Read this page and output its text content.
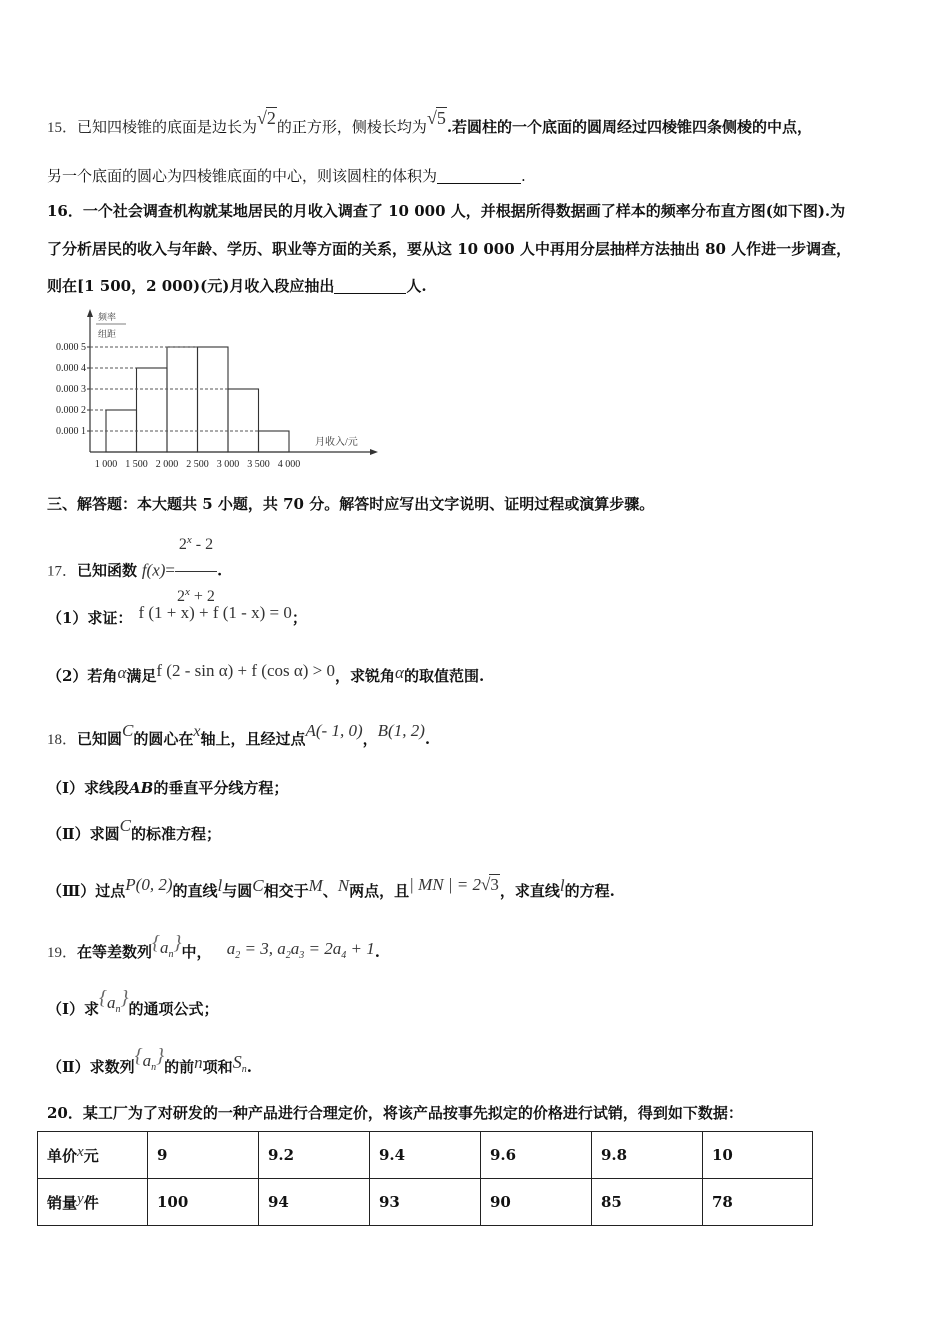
15．已知四棱锥的底面是边长为√2的正方形，侧棱长均为√5.若圆柱的一个底面的圆周经过四棱锥四条侧棱的中点，
另一个底面的圆心为四棱锥底面的中心，则该圆柱的体积为	.
16．一个社会调查机构就某地居民的月收入调查了 10 000 人，并根据所得数据画了样本的频率分布直方图(如下图).为
了分析居民的收入与年龄、学历、职业等方面的关系，要从这 10 000 人中再用分层抽样方法抽出 80 人作进一步调查，
则在[1 500，2 000)(元)月收入段应抽出	人.
频率
组距
0.000 1
0.000 2
0.000 3
0.000 4
0.000 5
1 000 1 500 2 000 2 500 3 000 3 500 4 000
月收入/元
三、解答题：本大题共 5 小题，共 70 分。解答时应写出文字说明、证明过程或演算步骤。
17．已知函数 $f(x)= \frac{2^x - 2}{2^x + 2}$ .
（1）求证： f (1 + x) + f (1 - x) = 0；
（2）若角α满足f (2 - sin α) + f (cos α) > 0，求锐角α的取值范围.
18．已知圆C的圆心在x轴上，且经过点A(- 1, 0)，B(1, 2).
（Ⅰ）求线段AB的垂直平分线方程；
（Ⅱ）求圆C的标准方程；
（Ⅲ）过点P(0, 2)的直线l与圆C相交于M、N两点，且| MN | = 2√3，求直线l的方程.
19．在等差数列$\{a_n\}$中， $a_2 = 3$, $a_2a_3 = 2a_4 + 1$.
（Ⅰ）求$\{a_n\}$的通项公式；
（Ⅱ）求数列$\{a_n\}$的前n项和$S_n$.
20．某工厂为了对研发的一种产品进行合理定价，将该产品按事先拟定的价格进行试销，得到如下数据：
单价x元	9	9.2	9.4	9.6	9.8	10
销量y件	100	94	93	90	85	78
